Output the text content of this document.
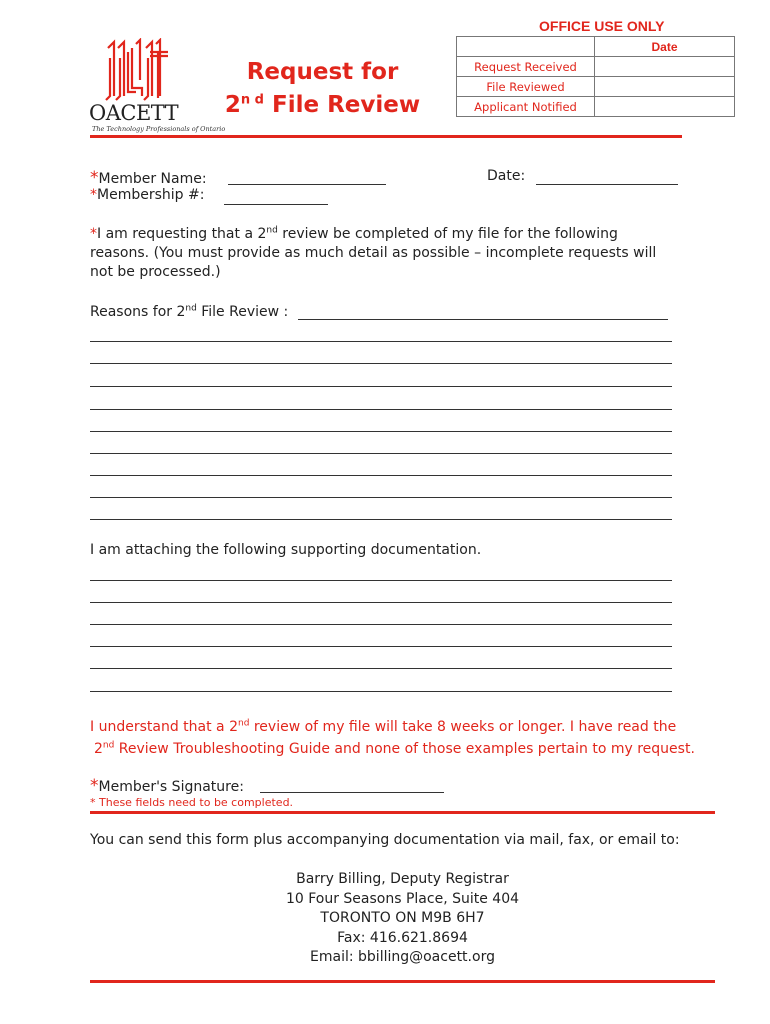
OACETT
The Technology Professionals of Ontario
Request for
$2^{n d}$ File Review
OFFICE USE ONLY
	Date
Request Received	
File Reviewed	
Applicant Notified	
*Member Name:
*Membership #:
Date:
*I am requesting that a 2nd review be completed of my file for the following
reasons. (You must provide as much detail as possible – incomplete requests will
not be processed.)
Reasons for 2nd File Review :
I am attaching the following supporting documentation.
I understand that a 2nd review of my file will take 8 weeks or longer. I have read the
2nd Review Troubleshooting Guide and none of those examples pertain to my request.
*Member's Signature:
* These fields need to be completed.
You can send this form plus accompanying documentation via mail, fax, or email to:
Barry Billing, Deputy Registrar
10 Four Seasons Place, Suite 404
TORONTO ON M9B 6H7
Fax: 416.621.8694
Email: bbilling@oacett.org
